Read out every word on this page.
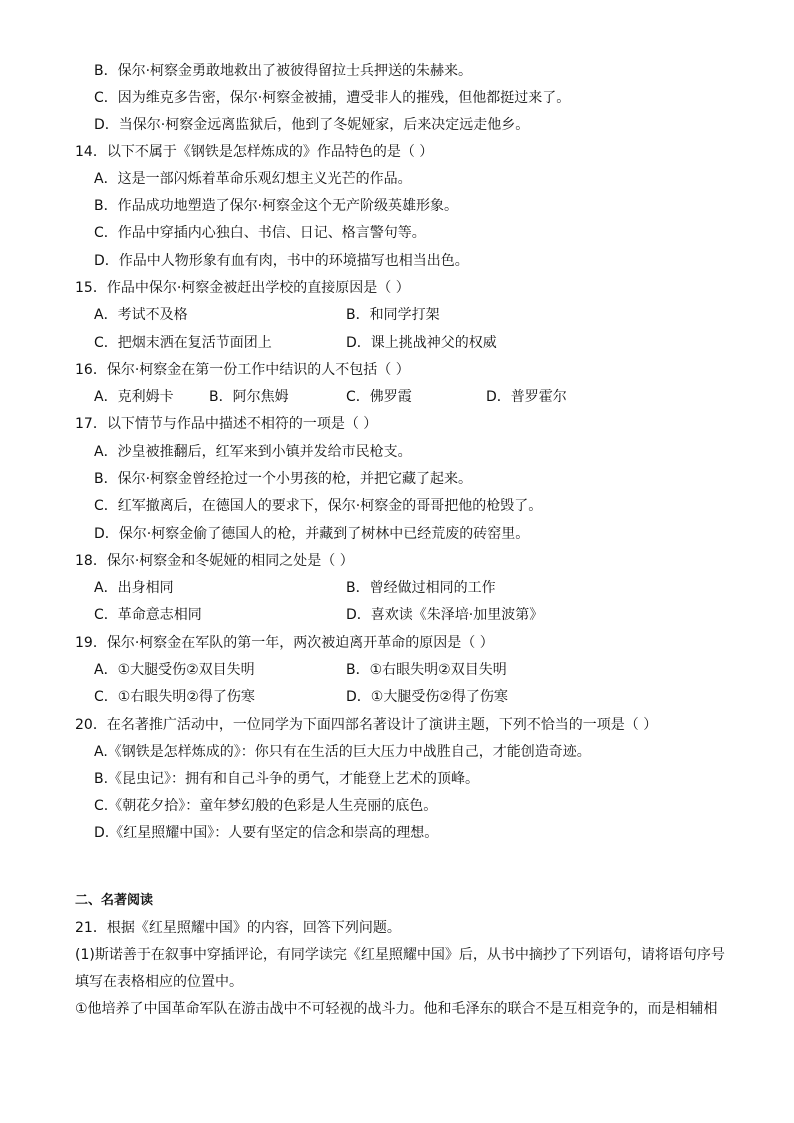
B．保尔·柯察金勇敢地救出了被彼得留拉士兵押送的朱赫来。
C．因为维克多告密，保尔·柯察金被捕，遭受非人的摧残，但他都挺过来了。
D．当保尔·柯察金远离监狱后，他到了冬妮娅家，后来决定远走他乡。
14．以下不属于《钢铁是怎样炼成的》作品特色的是（ ）
A．这是一部闪烁着革命乐观幻想主义光芒的作品。
B．作品成功地塑造了保尔·柯察金这个无产阶级英雄形象。
C．作品中穿插内心独白、书信、日记、格言警句等。
D．作品中人物形象有血有肉，书中的环境描写也相当出色。
15．作品中保尔·柯察金被赶出学校的直接原因是（ ）
A．考试不及格	B．和同学打架
C．把烟末洒在复活节面团上	D．课上挑战神父的权威
16．保尔·柯察金在第一份工作中结识的人不包括（ ）
A．克利姆卡	B．阿尔焦姆	C．佛罗霞	D．普罗霍尔
17．以下情节与作品中描述不相符的一项是（ ）
A．沙皇被推翻后，红军来到小镇并发给市民枪支。
B．保尔·柯察金曾经抢过一个小男孩的枪，并把它藏了起来。
C．红军撤离后，在德国人的要求下，保尔·柯察金的哥哥把他的枪毁了。
D．保尔·柯察金偷了德国人的枪，并藏到了树林中已经荒废的砖窑里。
18．保尔·柯察金和冬妮娅的相同之处是（ ）
A．出身相同	B．曾经做过相同的工作
C．革命意志相同	D．喜欢读《朱泽培·加里波第》
19．保尔·柯察金在军队的第一年，两次被迫离开革命的原因是（ ）
A．①大腿受伤②双目失明	B．①右眼失明②双目失明
C．①右眼失明②得了伤寒	D．①大腿受伤②得了伤寒
20．在名著推广活动中，一位同学为下面四部名著设计了演讲主题，下列不恰当的一项是（ ）
A.《钢铁是怎样炼成的》：你只有在生活的巨大压力中战胜自己，才能创造奇迹。
B.《昆虫记》：拥有和自己斗争的勇气，才能登上艺术的顶峰。
C.《朝花夕拾》：童年梦幻般的色彩是人生亮丽的底色。
D.《红星照耀中国》：人要有坚定的信念和崇高的理想。
二、名著阅读
21．根据《红星照耀中国》的内容，回答下列问题。
(1)斯诺善于在叙事中穿插评论，有同学读完《红星照耀中国》后，从书中摘抄了下列语句，请将语句序号
填写在表格相应的位置中。
①他培养了中国革命军队在游击战中不可轻视的战斗力。他和毛泽东的联合不是互相竞争的，而是相辅相
